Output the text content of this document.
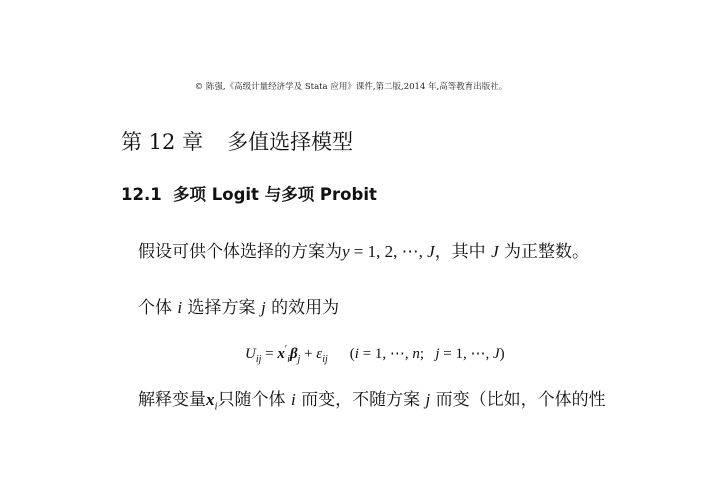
© 陈强,《高级计量经济学及 Stata 应用》课件,第二版,2014 年,高等教育出版社。
第 12 章 多值选择模型
12.1 多项 Logit 与多项 Probit
假设可供个体选择的方案为y = 1, 2, ⋯, J，其中 J 为正整数。
个体 i 选择方案 j 的效用为
$U_{ij} = x'_i\beta_j + \varepsilon_{ij}$ (i = 1, ⋯, n;   j = 1, ⋯, J)
解释变量$x_i$只随个体 i 而变，不随方案 j 而变（比如，个体的性
